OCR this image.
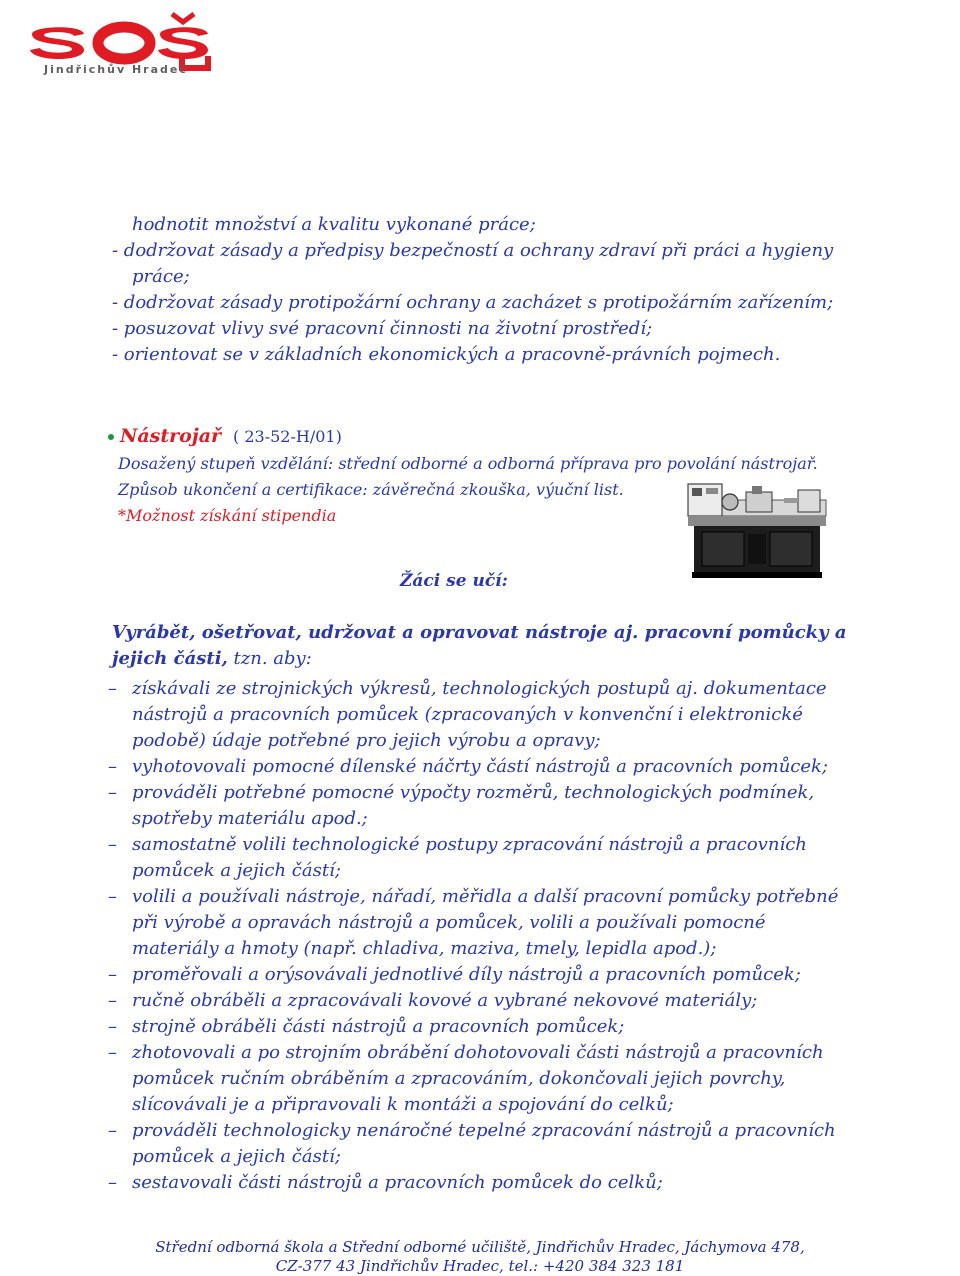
Jindřichův Hradec
hodnotit množství a kvalitu vykonané práce;
- dodržovat zásady a předpisy bezpečností a ochrany zdraví při práci a hygieny
práce;
- dodržovat zásady protipožární ochrany a zacházet s protipožárním zařízením;
- posuzovat vlivy své pracovní činnosti na životní prostředí;
- orientovat se v základních ekonomických a pracovně-právních pojmech.
Nástrojař ( 23-52-H/01)
Dosažený stupeň vzdělání: střední odborné a odborná příprava pro povolání nástrojař.
Způsob ukončení a certifikace: závěrečná zkouška, výuční list.
*Možnost získání stipendia
Žáci se učí:
Vyrábět, ošetřovat, udržovat a opravovat nástroje aj. pracovní pomůcky a jejich části, tzn. aby:
– získávali ze strojnických výkresů, technologických postupů aj. dokumentace
nástrojů a pracovních pomůcek (zpracovaných v konvenční i elektronické
podobě) údaje potřebné pro jejich výrobu a opravy;
– vyhotovovali pomocné dílenské náčrty částí nástrojů a pracovních pomůcek;
– prováděli potřebné pomocné výpočty rozměrů, technologických podmínek,
spotřeby materiálu apod.;
– samostatně volili technologické postupy zpracování nástrojů a pracovních
pomůcek a jejich částí;
– volili a používali nástroje, nářadí, měřidla a další pracovní pomůcky potřebné
při výrobě a opravách nástrojů a pomůcek, volili a používali pomocné
materiály a hmoty (např. chladiva, maziva, tmely, lepidla apod.);
– proměřovali a orýsovávali jednotlivé díly nástrojů a pracovních pomůcek;
– ručně obráběli a zpracovávali kovové a vybrané nekovové materiály;
– strojně obráběli části nástrojů a pracovních pomůcek;
– zhotovovali a po strojním obrábění dohotovovali části nástrojů a pracovních
pomůcek ručním obráběním a zpracováním, dokončovali jejich povrchy,
slícovávali je a připravovali k montáži a spojování do celků;
– prováděli technologicky nenáročné tepelné zpracování nástrojů a pracovních
pomůcek a jejich částí;
– sestavovali části nástrojů a pracovních pomůcek do celků;
Střední odborná škola a Střední odborné učiliště, Jindřichův Hradec, Jáchymova 478,
CZ-377 43 Jindřichův Hradec, tel.: +420 384 323 181
